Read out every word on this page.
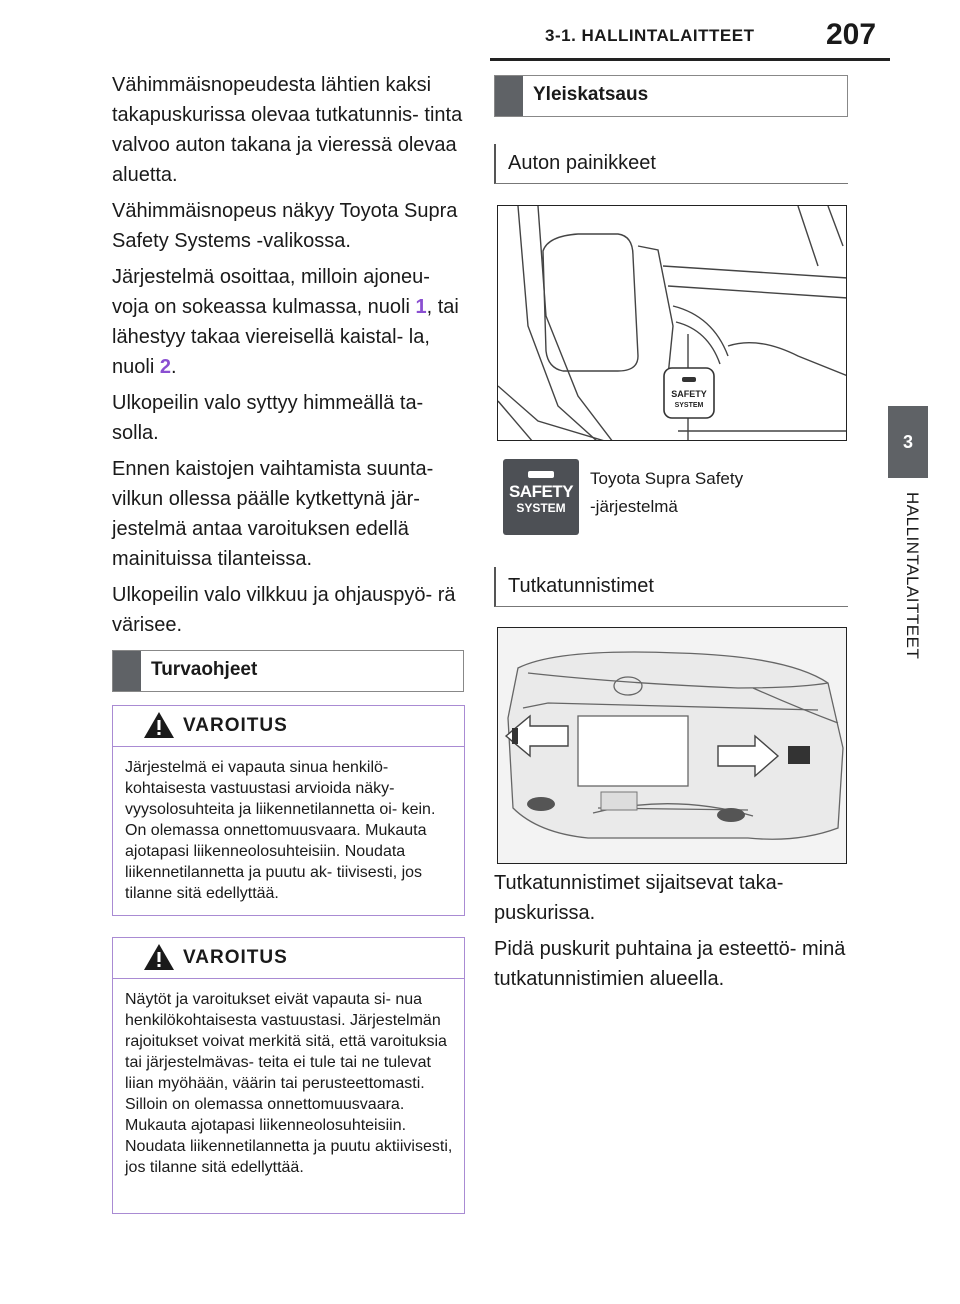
3-1. HALLINTALAITTEET 207
3
HALLINTALAITTEET

Vähimmäisnopeudesta lähtien kaksi takapuskurissa olevaa tutkatunnis- tinta valvoo auton takana ja vieressä olevaa aluetta.

Vähimmäisnopeus näkyy Toyota Supra Safety Systems -valikossa.

Järjestelmä osoittaa, milloin ajoneu- voja on sokeassa kulmassa, nuoli 1, tai lähestyy takaa viereisellä kaistal- la, nuoli 2.

Ulkopeilin valo syttyy himmeällä ta- solla.

Ennen kaistojen vaihtamista suunta- vilkun ollessa päälle kytkettynä jär- jestelmä antaa varoituksen edellä mainituissa tilanteissa.

Ulkopeilin valo vilkkuu ja ohjauspyö- rä värisee.

Turvaohjeet
VAROITUS
Järjestelmä ei vapauta sinua henkilö- kohtaisesta vastuustasi arvioida näky- vyysolosuhteita ja liikennetilannetta oi- kein. On olemassa onnettomuusvaara. Mukauta ajotapasi liikenneolosuhteisiin. Noudata liikennetilannetta ja puutu ak- tiivisesti, jos tilanne sitä edellyttää.
VAROITUS
Näytöt ja varoitukset eivät vapauta si- nua henkilökohtaisesta vastuustasi. Järjestelmän rajoitukset voivat merkitä sitä, että varoituksia tai järjestelmävas- teita ei tule tai ne tulevat liian myöhään, väärin tai perusteettomasti. Silloin on olemassa onnettomuusvaara. Mukauta ajotapasi liikenneolosuhteisiin. Noudata liikennetilannetta ja puutu aktiivisesti, jos tilanne sitä edellyttää.
Yleiskatsaus
Auton painikkeet
SAFETY
SYSTEM
SAFETY
SYSTEM
Toyota Supra Safety
-järjestelmä
Tutkatunnistimet

Tutkatunnistimet sijaitsevat taka- puskurissa.

Pidä puskurit puhtaina ja esteettö- minä tutkatunnistimien alueella.
